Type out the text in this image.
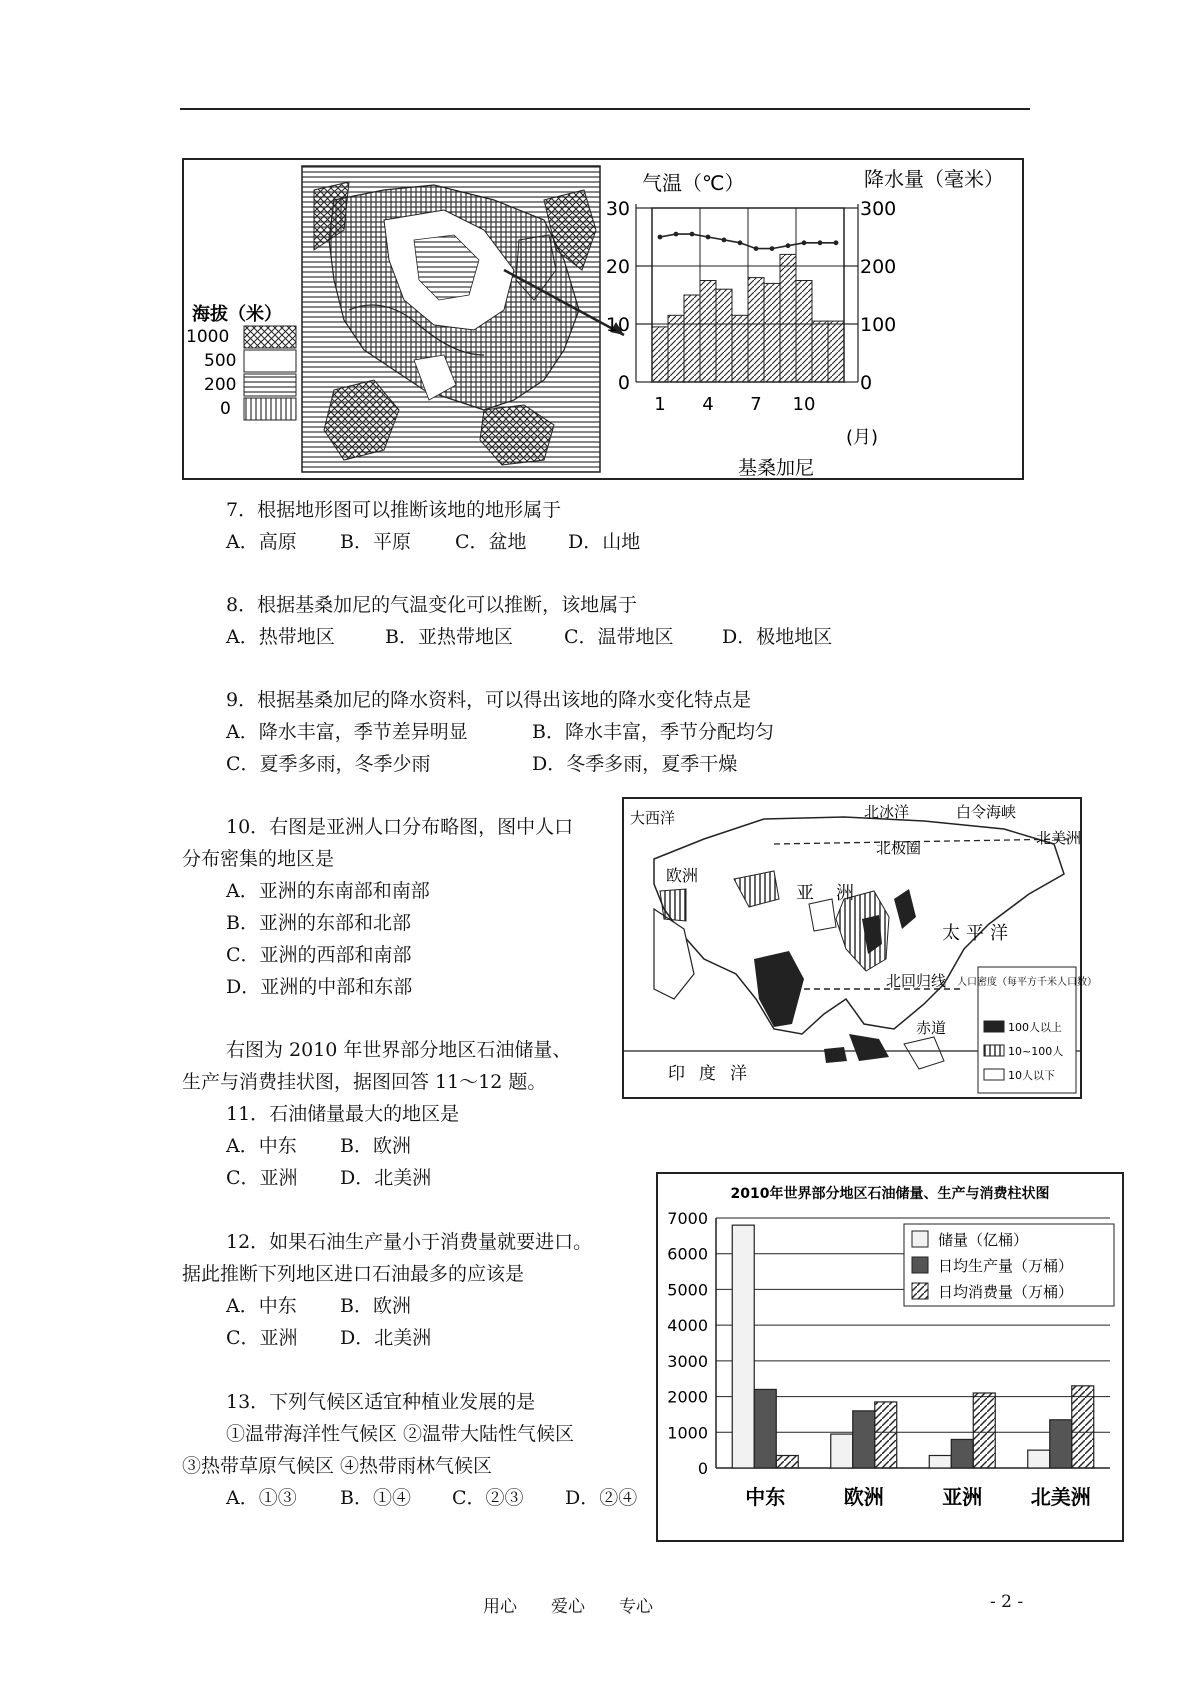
海拔（米）
1000
500
200
0
气温（℃）	降水量（毫米）
0
10
20
30
0
100
200
300
1 4 7 10
基桑加尼
(月)
7．根据地形图可以推断该地的地形属于
A．高原 B．平原 C．盆地 D．山地
8．根据基桑加尼的气温变化可以推断，该地属于
A．热带地区	B．亚热带地区	C．温带地区	D．极地地区
9．根据基桑加尼的降水资料，可以得出该地的降水变化特点是
A．降水丰富，季节差异明显	B．降水丰富，季节分配均匀
C．夏季多雨，冬季少雨	D．冬季多雨，夏季干燥
10．右图是亚洲人口分布略图，图中人口
分布密集的地区是
A．亚洲的东南部和南部
B．亚洲的东部和北部
C．亚洲的西部和南部
D．亚洲的中部和东部
右图为 2010 年世界部分地区石油储量、
生产与消费挂状图，据图回答 11～12 题。
11．石油储量最大的地区是
A．中东 B．欧洲
C．亚洲 D．北美洲
12．如果石油生产量小于消费量就要进口。
据此推断下列地区进口石油最多的应该是
A．中东 B．欧洲
C．亚洲 D．北美洲
13．下列气候区适宜种植业发展的是
①温带海洋性气候区 ②温带大陆性气候区
③热带草原气候区 ④热带雨林气候区
A．①③ B．①④ C．②③ D．②④
大西洋	北冰洋	白令海峡
北美洲
北极圈
欧洲
亚洲
太平洋
北回归线
赤道
印度洋
人口密度（每平方千米人口数）
100人以上
10~100人
10人以下
2010年世界部分地区石油储量、生产与消费柱状图
0
1000
2000
3000
4000
5000
6000
7000
中东	欧洲	亚洲 北美洲
储量（亿桶）
日均生产量（万桶）
日均消费量（万桶）
用心　　爱心　　专心	- 2 -
